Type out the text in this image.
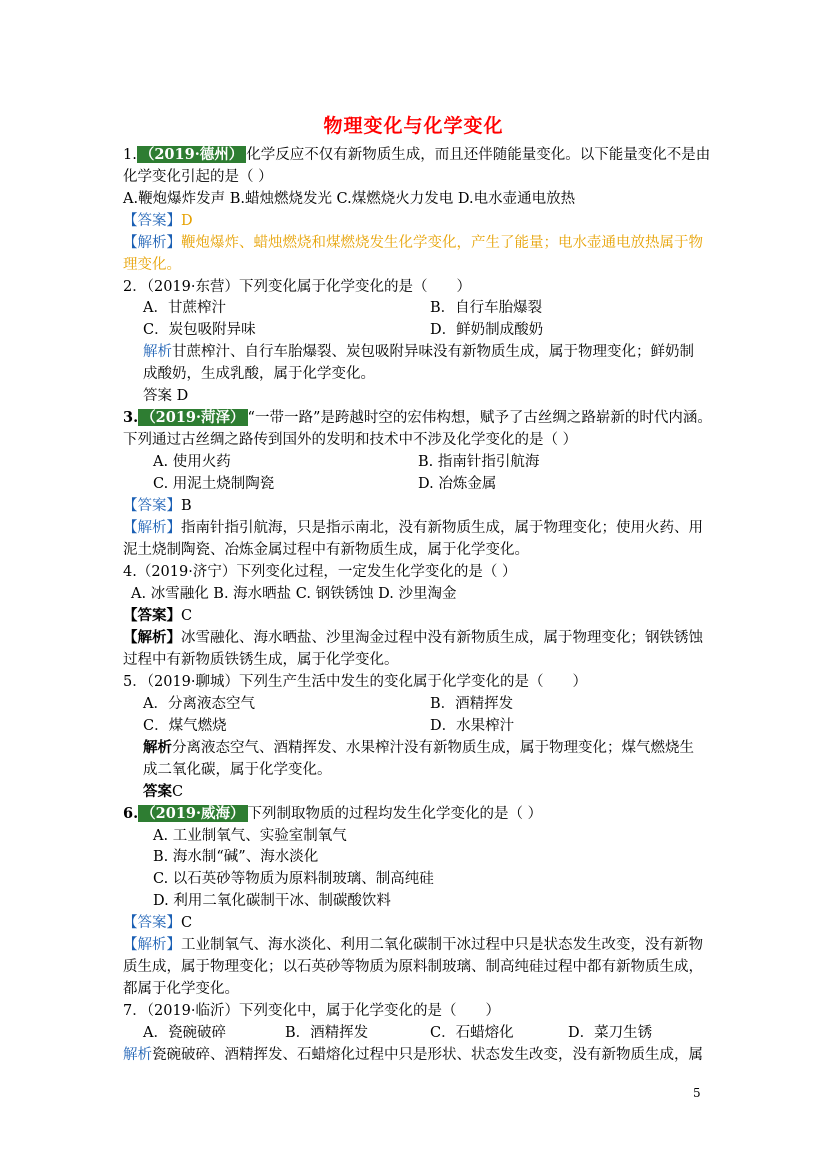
物理变化与化学变化
1. （2019·德州） 化学反应不仅有新物质生成，而且还伴随能量变化。以下能量变化不是由
化学变化引起的是（ ）
A.鞭炮爆炸发声 B.蜡烛燃烧发光 C.煤燃烧火力发电 D.电水壶通电放热
【答案】D
【解析】鞭炮爆炸、蜡烛燃烧和煤燃烧发生化学变化，产生了能量；电水壶通电放热属于物
理变化。
2．（2019·东营）下列变化属于化学变化的是（　　）
A．甘蔗榨汁	B．自行车胎爆裂
C．炭包吸附异味	D．鲜奶制成酸奶
解析甘蔗榨汁、自行车胎爆裂、炭包吸附异味没有新物质生成，属于物理变化；鲜奶制
成酸奶，生成乳酸，属于化学变化。
答案 D
3. （2019·菏泽） “一带一路”是跨越时空的宏伟构想，赋予了古丝绸之路崭新的时代内涵。
下列通过古丝绸之路传到国外的发明和技术中不涉及化学变化的是（ ）
A. 使用火药	B. 指南针指引航海
C. 用泥土烧制陶瓷	D. 冶炼金属
【答案】B
【解析】指南针指引航海，只是指示南北，没有新物质生成，属于物理变化；使用火药、用
泥土烧制陶瓷、冶炼金属过程中有新物质生成，属于化学变化。
4.（2019·济宁）下列变化过程，一定发生化学变化的是（ ）
A. 冰雪融化 B. 海水晒盐 C. 钢铁锈蚀 D. 沙里淘金
【答案】C
【解析】冰雪融化、海水晒盐、沙里淘金过程中没有新物质生成，属于物理变化；钢铁锈蚀
过程中有新物质铁锈生成，属于化学变化。
5．（2019·聊城）下列生产生活中发生的变化属于化学变化的是（　　）
A．分离液态空气	B．酒精挥发
C．煤气燃烧	D．水果榨汁
解析分离液态空气、酒精挥发、水果榨汁没有新物质生成，属于物理变化；煤气燃烧生
成二氧化碳，属于化学变化。
答案C
6. （2019·威海） 下列制取物质的过程均发生化学变化的是（ ）
A. 工业制氧气、实验室制氧气
B. 海水制“碱”、海水淡化
C. 以石英砂等物质为原料制玻璃、制高纯硅
D. 利用二氧化碳制干冰、制碳酸饮料
【答案】C
【解析】工业制氧气、海水淡化、利用二氧化碳制干冰过程中只是状态发生改变，没有新物
质生成，属于物理变化；以石英砂等物质为原料制玻璃、制高纯硅过程中都有新物质生成，
都属于化学变化。
7．（2019·临沂）下列变化中，属于化学变化的是（　　）
A．瓷碗破碎	B．酒精挥发	C．石蜡熔化	D．菜刀生锈
解析瓷碗破碎、酒精挥发、石蜡熔化过程中只是形状、状态发生改变，没有新物质生成，属
5
